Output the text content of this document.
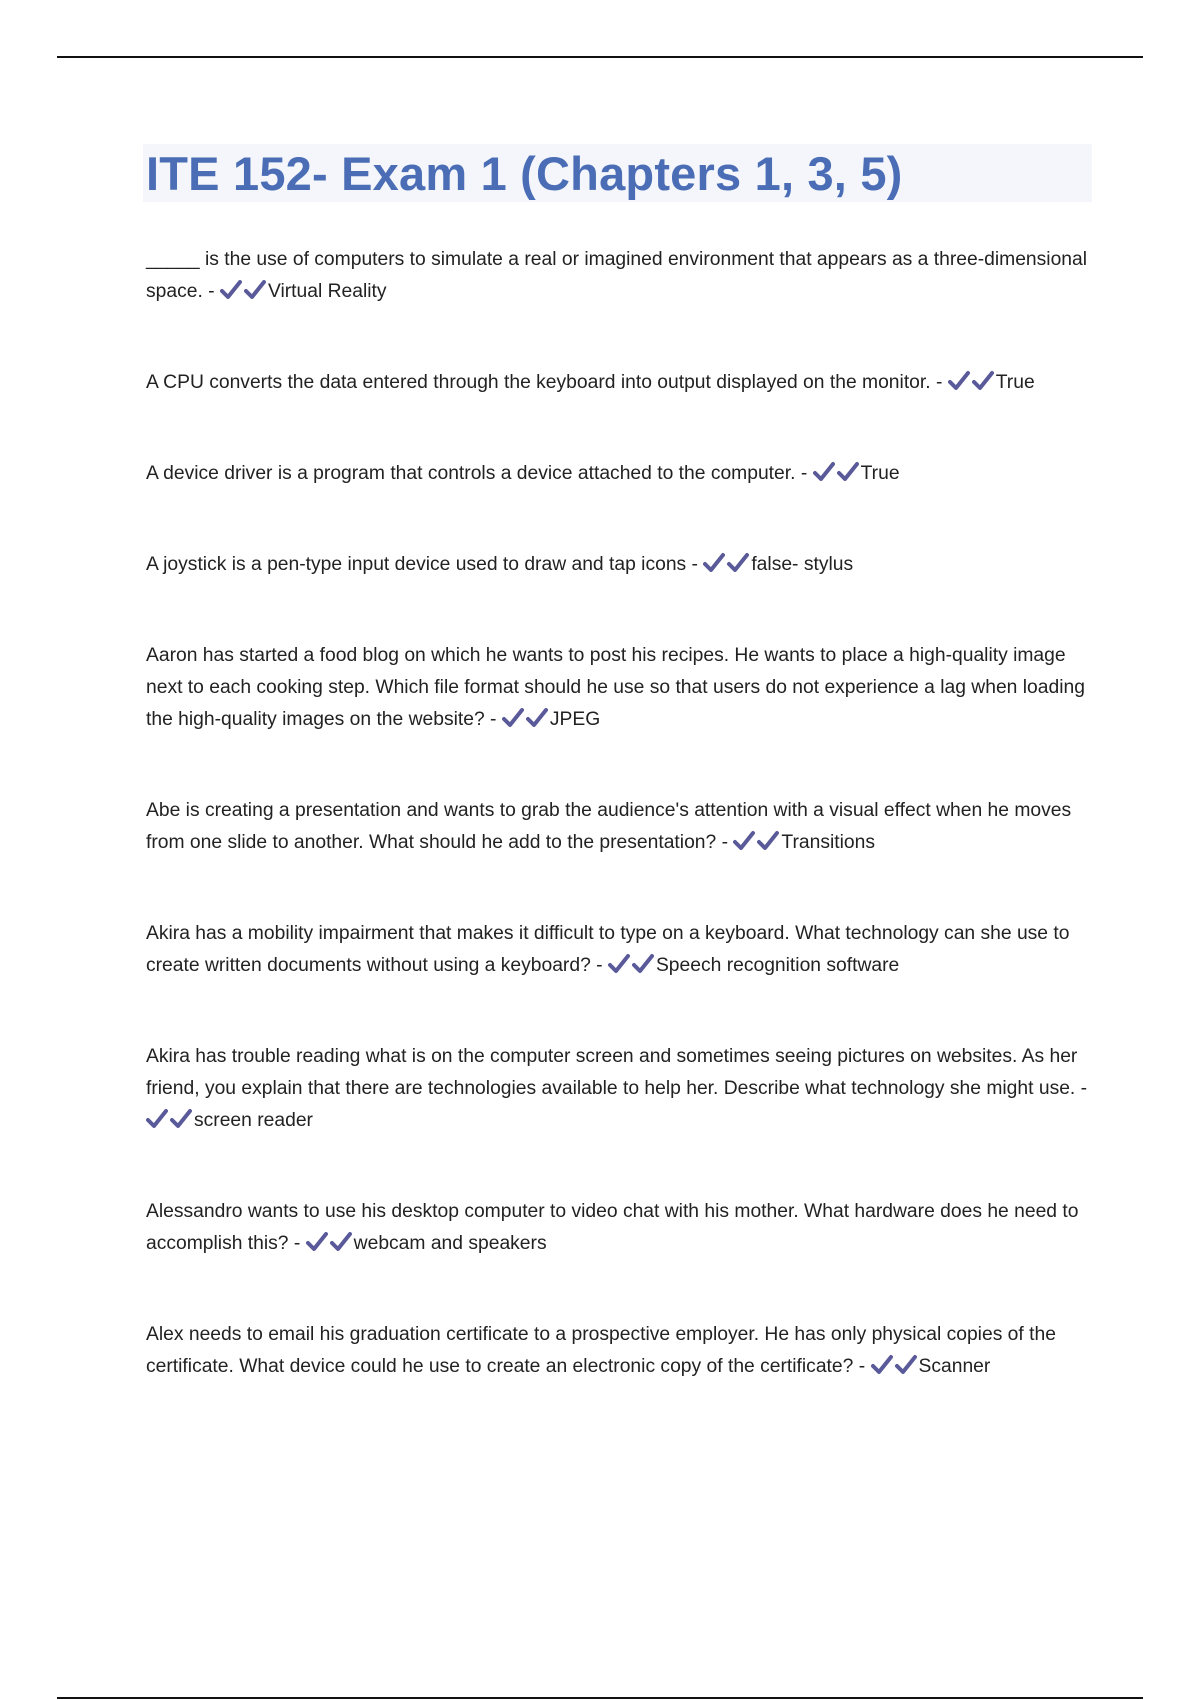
ITE 152- Exam 1 (Chapters 1, 3, 5)

_____ is the use of computers to simulate a real or imagined environment that appears as a three-dimensional space. -
Virtual Reality

A CPU converts the data entered through the keyboard into output displayed on the monitor. -
True

A device driver is a program that controls a device attached to the computer. -
True

A joystick is a pen-type input device used to draw and tap icons -
false- stylus

Aaron has started a food blog on which he wants to post his recipes. He wants to place a high-quality image next to each cooking step. Which file format should he use so that users do not experience a lag when loading the high-quality images on the website? -
JPEG

Abe is creating a presentation and wants to grab the audience's attention with a visual effect when he moves from one slide to another. What should he add to the presentation? -
Transitions

Akira has a mobility impairment that makes it difficult to type on a keyboard. What technology can she use to create written documents without using a keyboard? -
Speech recognition software

Akira has trouble reading what is on the computer screen and sometimes seeing pictures on websites. As her friend, you explain that there are technologies available to help her. Describe what technology she might use. -
screen reader

Alessandro wants to use his desktop computer to video chat with his mother. What hardware does he need to accomplish this? -
webcam and speakers

Alex needs to email his graduation certificate to a prospective employer. He has only physical copies of the certificate. What device could he use to create an electronic copy of the certificate? -
Scanner
